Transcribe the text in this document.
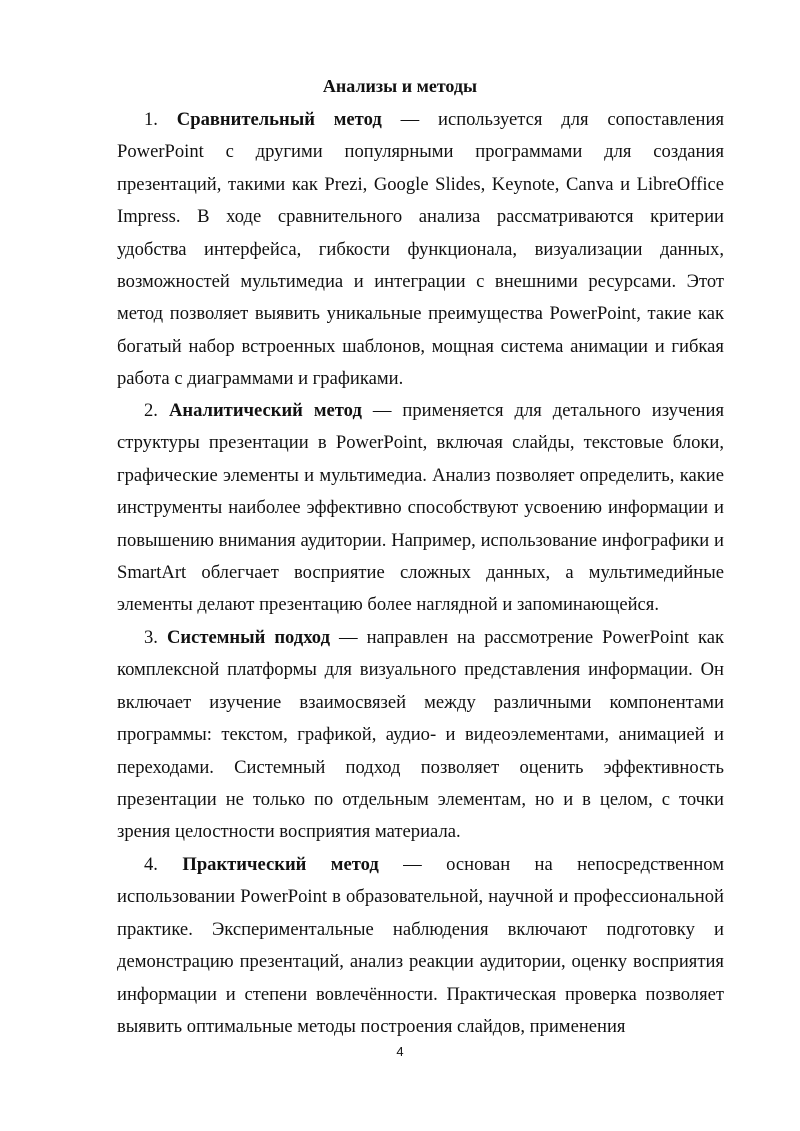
Анализы и методы

1. Сравнительный метод — используется для сопоставления PowerPoint с другими популярными программами для создания презентаций, такими как Prezi, Google Slides, Keynote, Canva и LibreOffice Impress. В ходе сравнительного анализа рассматриваются критерии удобства интерфейса, гибкости функционала, визуализации данных, возможностей мультимедиа и интеграции с внешними ресурсами. Этот метод позволяет выявить уникальные преимущества PowerPoint, такие как богатый набор встроенных шаблонов, мощная система анимации и гибкая работа с диаграммами и графиками.

2. Аналитический метод — применяется для детального изучения структуры презентации в PowerPoint, включая слайды, текстовые блоки, графические элементы и мультимедиа. Анализ позволяет определить, какие инструменты наиболее эффективно способствуют усвоению информации и повышению внимания аудитории. Например, использование инфографики и SmartArt облегчает восприятие сложных данных, а мультимедийные элементы делают презентацию более наглядной и запоминающейся.

3. Системный подход — направлен на рассмотрение PowerPoint как комплексной платформы для визуального представления информации. Он включает изучение взаимосвязей между различными компонентами программы: текстом, графикой, аудио- и видеоэлементами, анимацией и переходами. Системный подход позволяет оценить эффективность презентации не только по отдельным элементам, но и в целом, с точки зрения целостности восприятия материала.

4. Практический метод — основан на непосредственном использовании PowerPoint в образовательной, научной и профессиональной практике. Экспериментальные наблюдения включают подготовку и демонстрацию презентаций, анализ реакции аудитории, оценку восприятия информации и степени вовлечённости. Практическая проверка позволяет выявить оптимальные методы построения слайдов, применения

4
